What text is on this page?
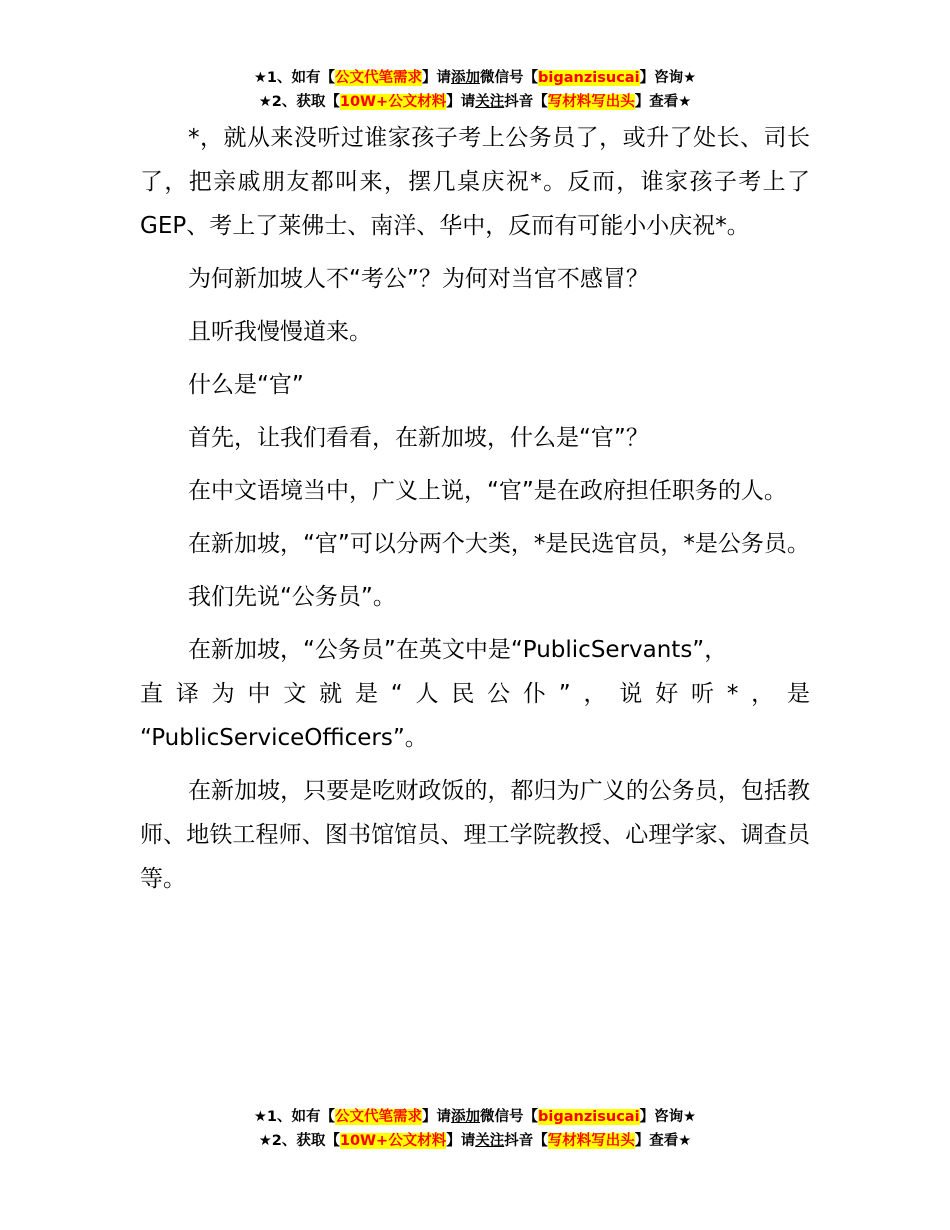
★1、如有【公文代笔需求】请添加微信号【biganzisucai】咨询★
★2、获取【10W+公文材料】请关注抖音【写材料写出头】查看★

*，就从来没听过谁家孩子考上公务员了，或升了处长、司长了，把亲戚朋友都叫来，摆几桌庆祝*。反而，谁家孩子考上了GEP、考上了莱佛士、南洋、华中，反而有可能小小庆祝*。

为何新加坡人不“考公”？为何对当官不感冒？

且听我慢慢道来。

什么是“官”

首先，让我们看看，在新加坡，什么是“官”？

在中文语境当中，广义上说，“官”是在政府担任职务的人。

在新加坡，“官”可以分两个大类，*是民选官员，*是公务员。

我们先说“公务员”。

在新加坡，“公务员”在英文中是“PublicServants”，

直译为中文就是“人民公仆”，说好听*，是

“PublicServiceOfficers”。

在新加坡，只要是吃财政饭的，都归为广义的公务员，包括教师、地铁工程师、图书馆馆员、理工学院教授、心理学家、调查员等。

★1、如有【公文代笔需求】请添加微信号【biganzisucai】咨询★
★2、获取【10W+公文材料】请关注抖音【写材料写出头】查看★
